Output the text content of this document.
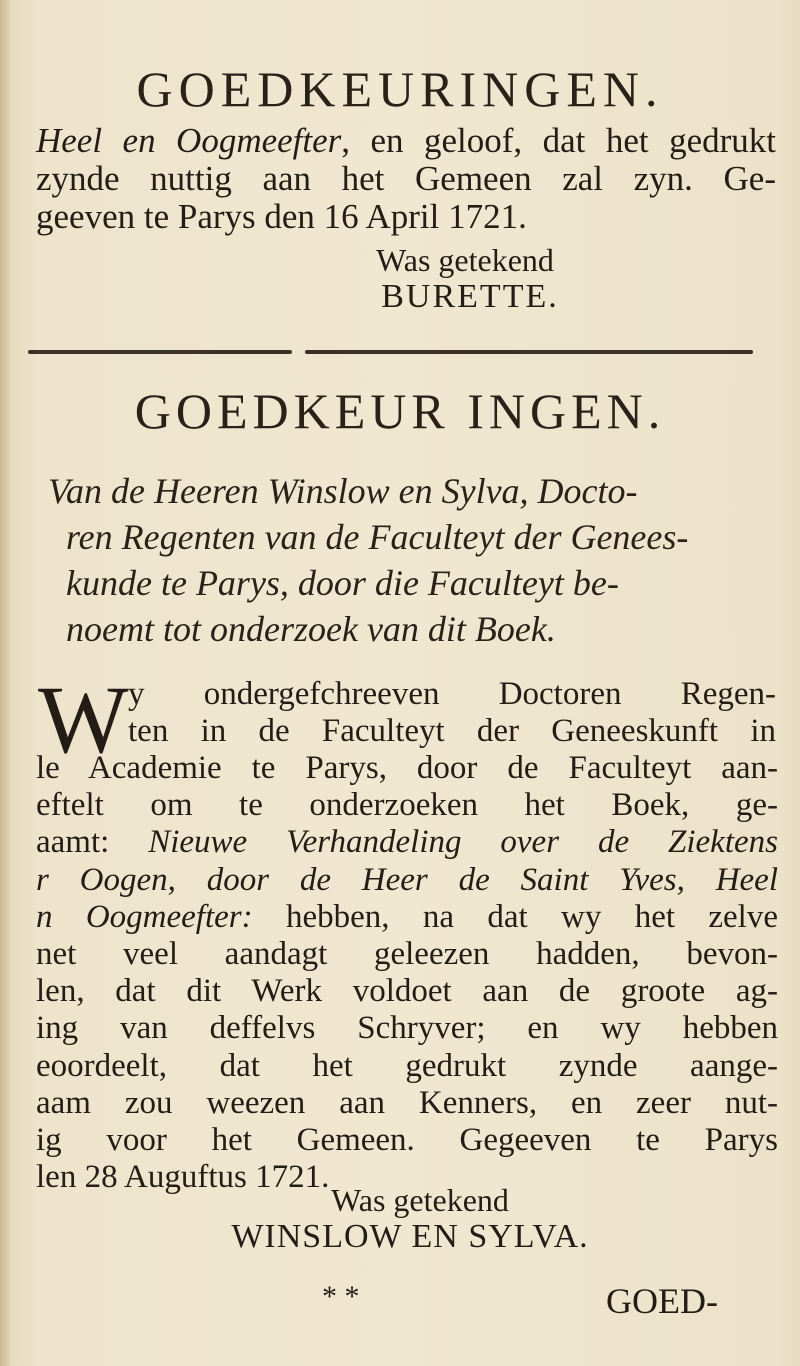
GOEDKEURINGEN.
Heel en Oogmeefter, en geloof, dat het gedrukt
zynde nuttig aan het Gemeen zal zyn. Ge-
geeven te Parys den 16 April 1721.
Was getekend
BURETTE.
GOEDKEUR INGEN.
Van de Heeren Winslow en Sylva, Docto-
ren Regenten van de Faculteyt der Genees-
kunde te Parys, door die Faculteyt be-
noemt tot onderzoek van dit Boek.
W y ondergefchreeven Doctoren Regen-
ten in de Faculteyt der Geneeskunft in
le Academie te Parys, door de Faculteyt aan-
eftelt om te onderzoeken het Boek, ge-
aamt: Nieuwe Verhandeling over de Ziektens
r Oogen, door de Heer de Saint Yves, Heel
n Oogmeefter: hebben, na dat wy het zelve
net veel aandagt geleezen hadden, bevon-
len, dat dit Werk voldoet aan de groote ag-
ing van deffelvs Schryver; en wy hebben
eoordeelt, dat het gedrukt zynde aange-
aam zou weezen aan Kenners, en zeer nut-
ig voor het Gemeen. Gegeeven te Parys
len 28 Auguftus 1721.
Was getekend
WINSLOW EN SYLVA.
* *	GOED-
